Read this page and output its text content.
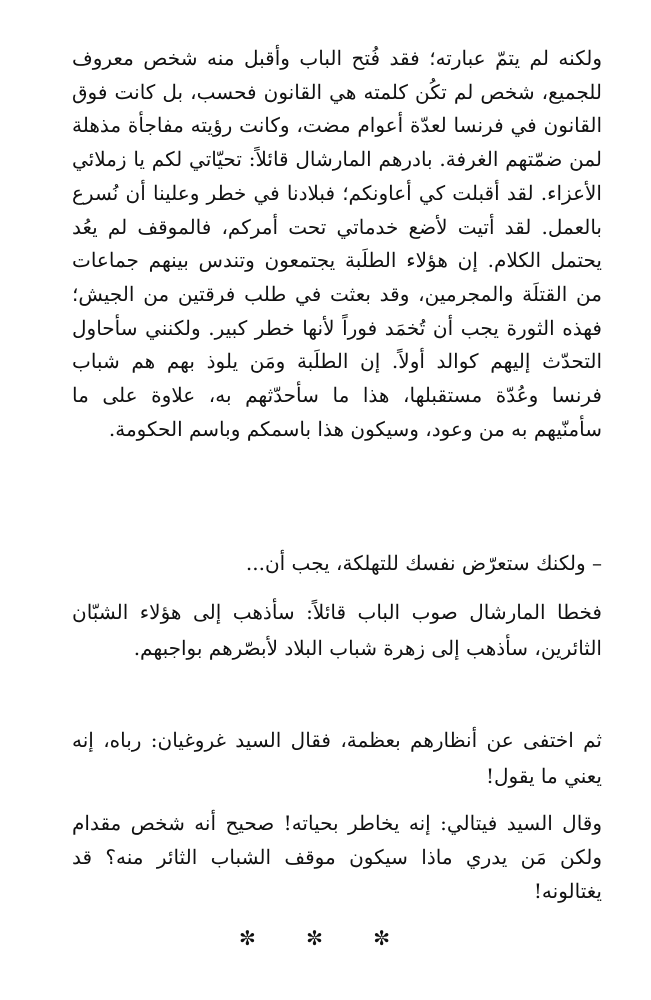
ولكنه لم يتمّ عبارته؛ فقد فُتح الباب وأقبل منه شخص معروف للجميع، شخص لم تكُن كلمته هي القانون فحسب، بل كانت فوق القانون في فرنسا لعدّة أعوام مضت، وكانت رؤيته مفاجأة مذهلة لمن ضمّتهم الغرفة. بادرهم المارشال قائلاً: تحيّاتي لكم يا زملائي الأعزاء. لقد أقبلت كي أعاونكم؛ فبلادنا في خطر وعلينا أن نُسرع بالعمل. لقد أتيت لأضع خدماتي تحت أمركم، فالموقف لم يعُد يحتمل الكلام. إن هؤلاء الطلَبة يجتمعون وتندس بينهم جماعات من القتلَة والمجرمين، وقد بعثت في طلب فرقتين من الجيش؛ فهذه الثورة يجب أن تُخمَد فوراً لأنها خطر كبير. ولكنني سأحاول التحدّث إليهم كوالد أولاً. إن الطلَبة ومَن يلوذ بهم هم شباب فرنسا وعُدّة مستقبلها، هذا ما سأحدّثهم به، علاوة على ما سأمنّيهم به من وعود، وسيكون هذا باسمكم وباسم الحكومة.

– ولكنك ستعرّض نفسك للتهلكة، يجب أن...

فخطا المارشال صوب الباب قائلاً: سأذهب إلى هؤلاء الشبّان الثائرين، سأذهب إلى زهرة شباب البلاد لأبصّرهم بواجبهم.

ثم اختفى عن أنظارهم بعظمة، فقال السيد غروغيان: رباه، إنه يعني ما يقول!

وقال السيد فيتالي: إنه يخاطر بحياته! صحيح أنه شخص مقدام ولكن مَن يدري ماذا سيكون موقف الشباب الثائر منه؟ قد يغتالونه!

✼ ✼ ✼
